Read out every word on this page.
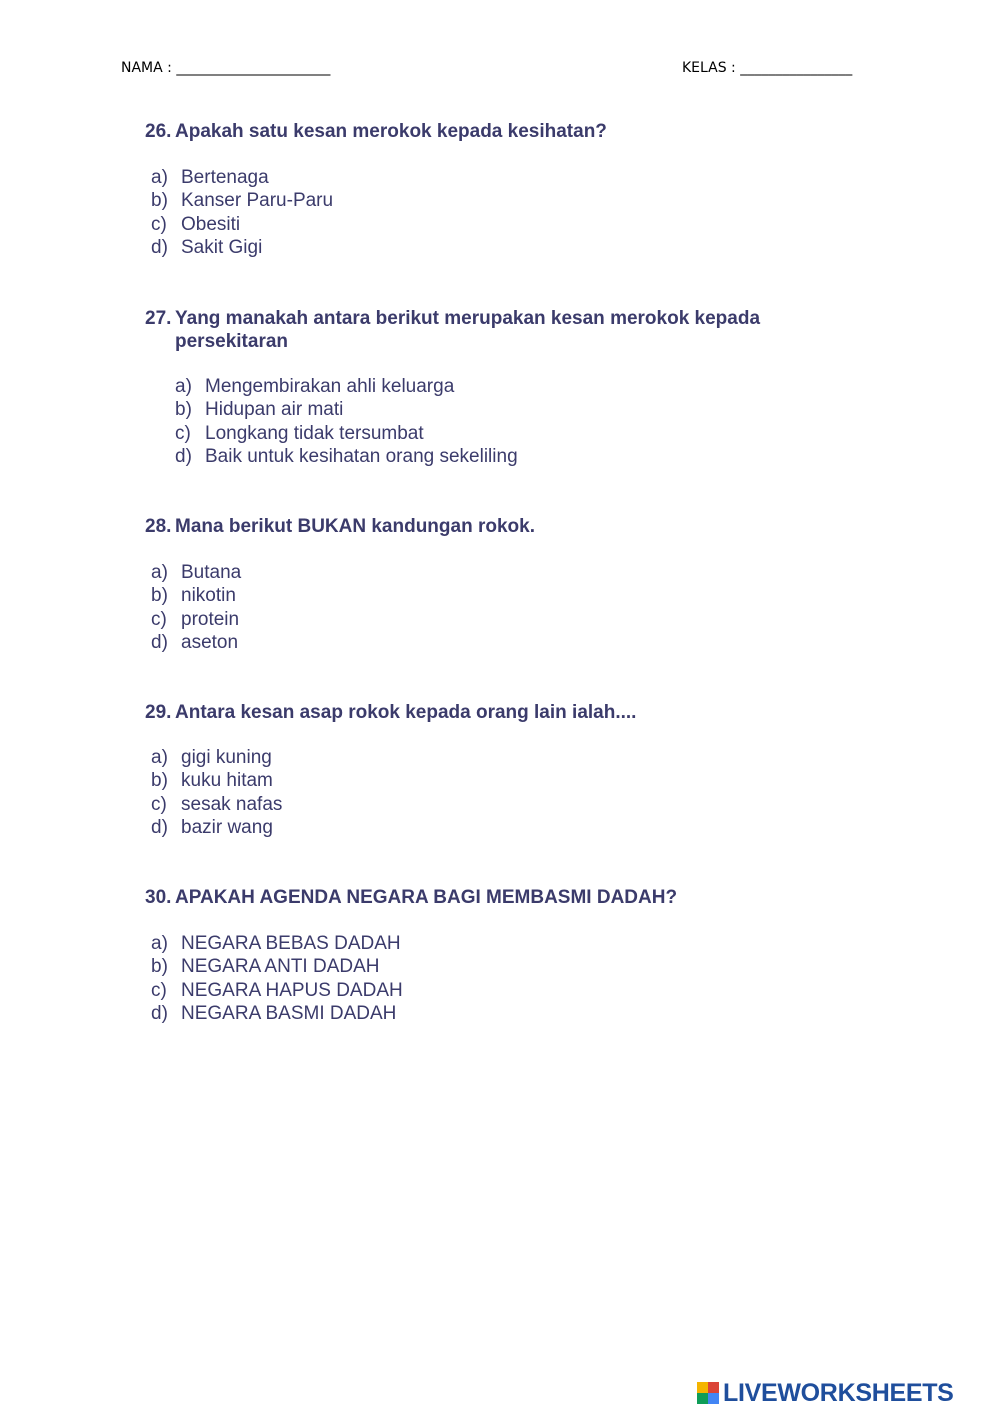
NAMA : ______________________	KELAS : ________________
26. Apakah satu kesan merokok kepada kesihatan?
a) Bertenaga
b) Kanser Paru-Paru
c) Obesiti
d) Sakit Gigi
27. Yang manakah antara berikut merupakan kesan merokok kepada persekitaran
a) Mengembirakan ahli keluarga
b) Hidupan air mati
c) Longkang tidak tersumbat
d) Baik untuk kesihatan orang sekeliling
28. Mana berikut BUKAN kandungan rokok.
a) Butana
b) nikotin
c) protein
d) aseton
29. Antara kesan asap rokok kepada orang lain ialah....
a) gigi kuning
b) kuku hitam
c) sesak nafas
d) bazir wang
30. APAKAH AGENDA NEGARA BAGI MEMBASMI DADAH?
a) NEGARA BEBAS DADAH
b) NEGARA ANTI DADAH
c) NEGARA HAPUS DADAH
d) NEGARA BASMI DADAH
LIVEWORKSHEETS
